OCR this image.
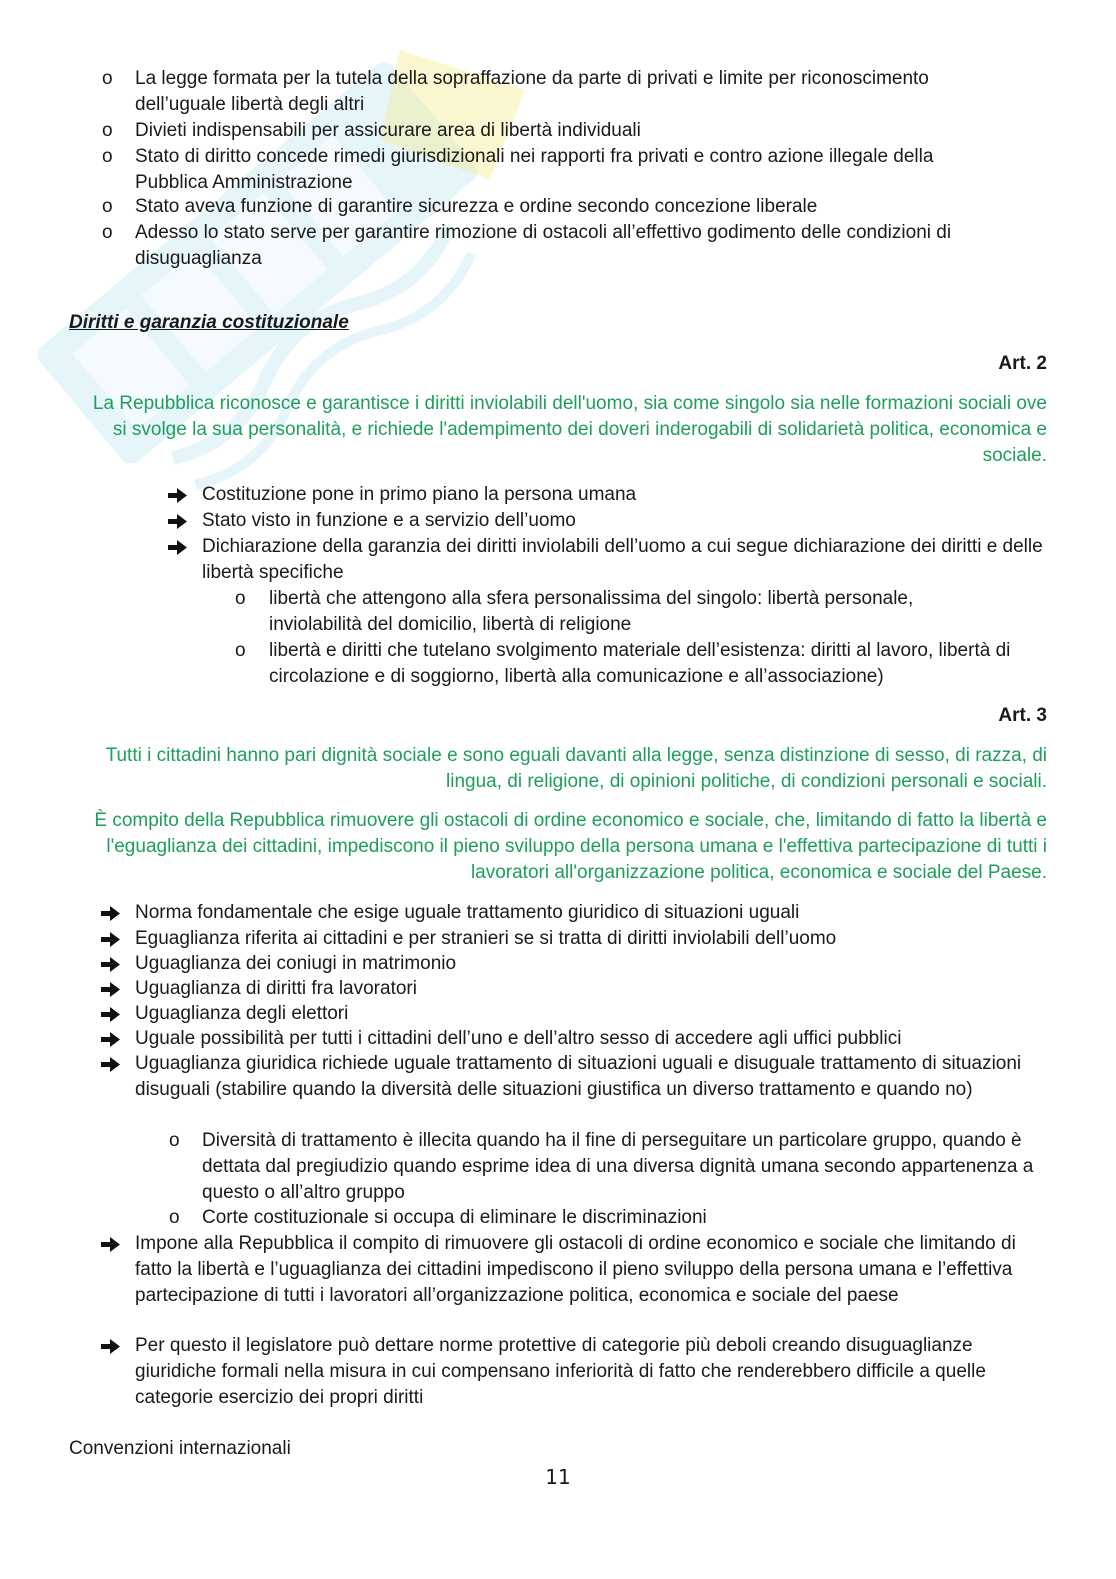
o La legge formata per la tutela della sopraffazione da parte di privati e limite per riconoscimento dell’uguale libertà degli altri
o Divieti indispensabili per assicurare area di libertà individuali
o Stato di diritto concede rimedi giurisdizionali nei rapporti fra privati e contro azione illegale della Pubblica Amministrazione
o Stato aveva funzione di garantire sicurezza e ordine secondo concezione liberale
o Adesso lo stato serve per garantire rimozione di ostacoli all’effettivo godimento delle condizioni di disuguaglianza
Diritti e garanzia costituzionale
Art. 2

La Repubblica riconosce e garantisce i diritti inviolabili dell'uomo, sia come singolo sia nelle formazioni sociali ove si svolge la sua personalità, e richiede l'adempimento dei doveri inderogabili di solidarietà politica, economica e sociale.

Costituzione pone in primo piano la persona umana
Stato visto in funzione e a servizio dell’uomo
Dichiarazione della garanzia dei diritti inviolabili dell’uomo a cui segue dichiarazione dei diritti e delle libertà specifiche
o libertà che attengono alla sfera personalissima del singolo: libertà personale, inviolabilità del domicilio, libertà di religione
o libertà e diritti che tutelano svolgimento materiale dell’esistenza: diritti al lavoro, libertà di circolazione e di soggiorno, libertà alla comunicazione e all’associazione)
Art. 3

Tutti i cittadini hanno pari dignità sociale e sono eguali davanti alla legge, senza distinzione di sesso, di razza, di lingua, di religione, di opinioni politiche, di condizioni personali e sociali.

È compito della Repubblica rimuovere gli ostacoli di ordine economico e sociale, che, limitando di fatto la libertà e l'eguaglianza dei cittadini, impediscono il pieno sviluppo della persona umana e l'effettiva partecipazione di tutti i lavoratori all'organizzazione politica, economica e sociale del Paese.

Norma fondamentale che esige uguale trattamento giuridico di situazioni uguali
Eguaglianza riferita ai cittadini e per stranieri se si tratta di diritti inviolabili dell’uomo
Uguaglianza dei coniugi in matrimonio
Uguaglianza di diritti fra lavoratori
Uguaglianza degli elettori
Uguale possibilità per tutti i cittadini dell’uno e dell’altro sesso di accedere agli uffici pubblici
Uguaglianza giuridica richiede uguale trattamento di situazioni uguali e disuguale trattamento di situazioni disuguali (stabilire quando la diversità delle situazioni giustifica un diverso trattamento e quando no)
o Diversità di trattamento è illecita quando ha il fine di perseguitare un particolare gruppo, quando è dettata dal pregiudizio quando esprime idea di una diversa dignità umana secondo appartenenza a questo o all’altro gruppo
o Corte costituzionale si occupa di eliminare le discriminazioni
Impone alla Repubblica il compito di rimuovere gli ostacoli di ordine economico e sociale che limitando di fatto la libertà e l’uguaglianza dei cittadini impediscono il pieno sviluppo della persona umana e l’effettiva partecipazione di tutti i lavoratori all’organizzazione politica, economica e sociale del paese
Per questo il legislatore può dettare norme protettive di categorie più deboli creando disuguaglianze giuridiche formali nella misura in cui compensano inferiorità di fatto che renderebbero difficile a quelle categorie esercizio dei propri diritti

Convenzioni internazionali

11
